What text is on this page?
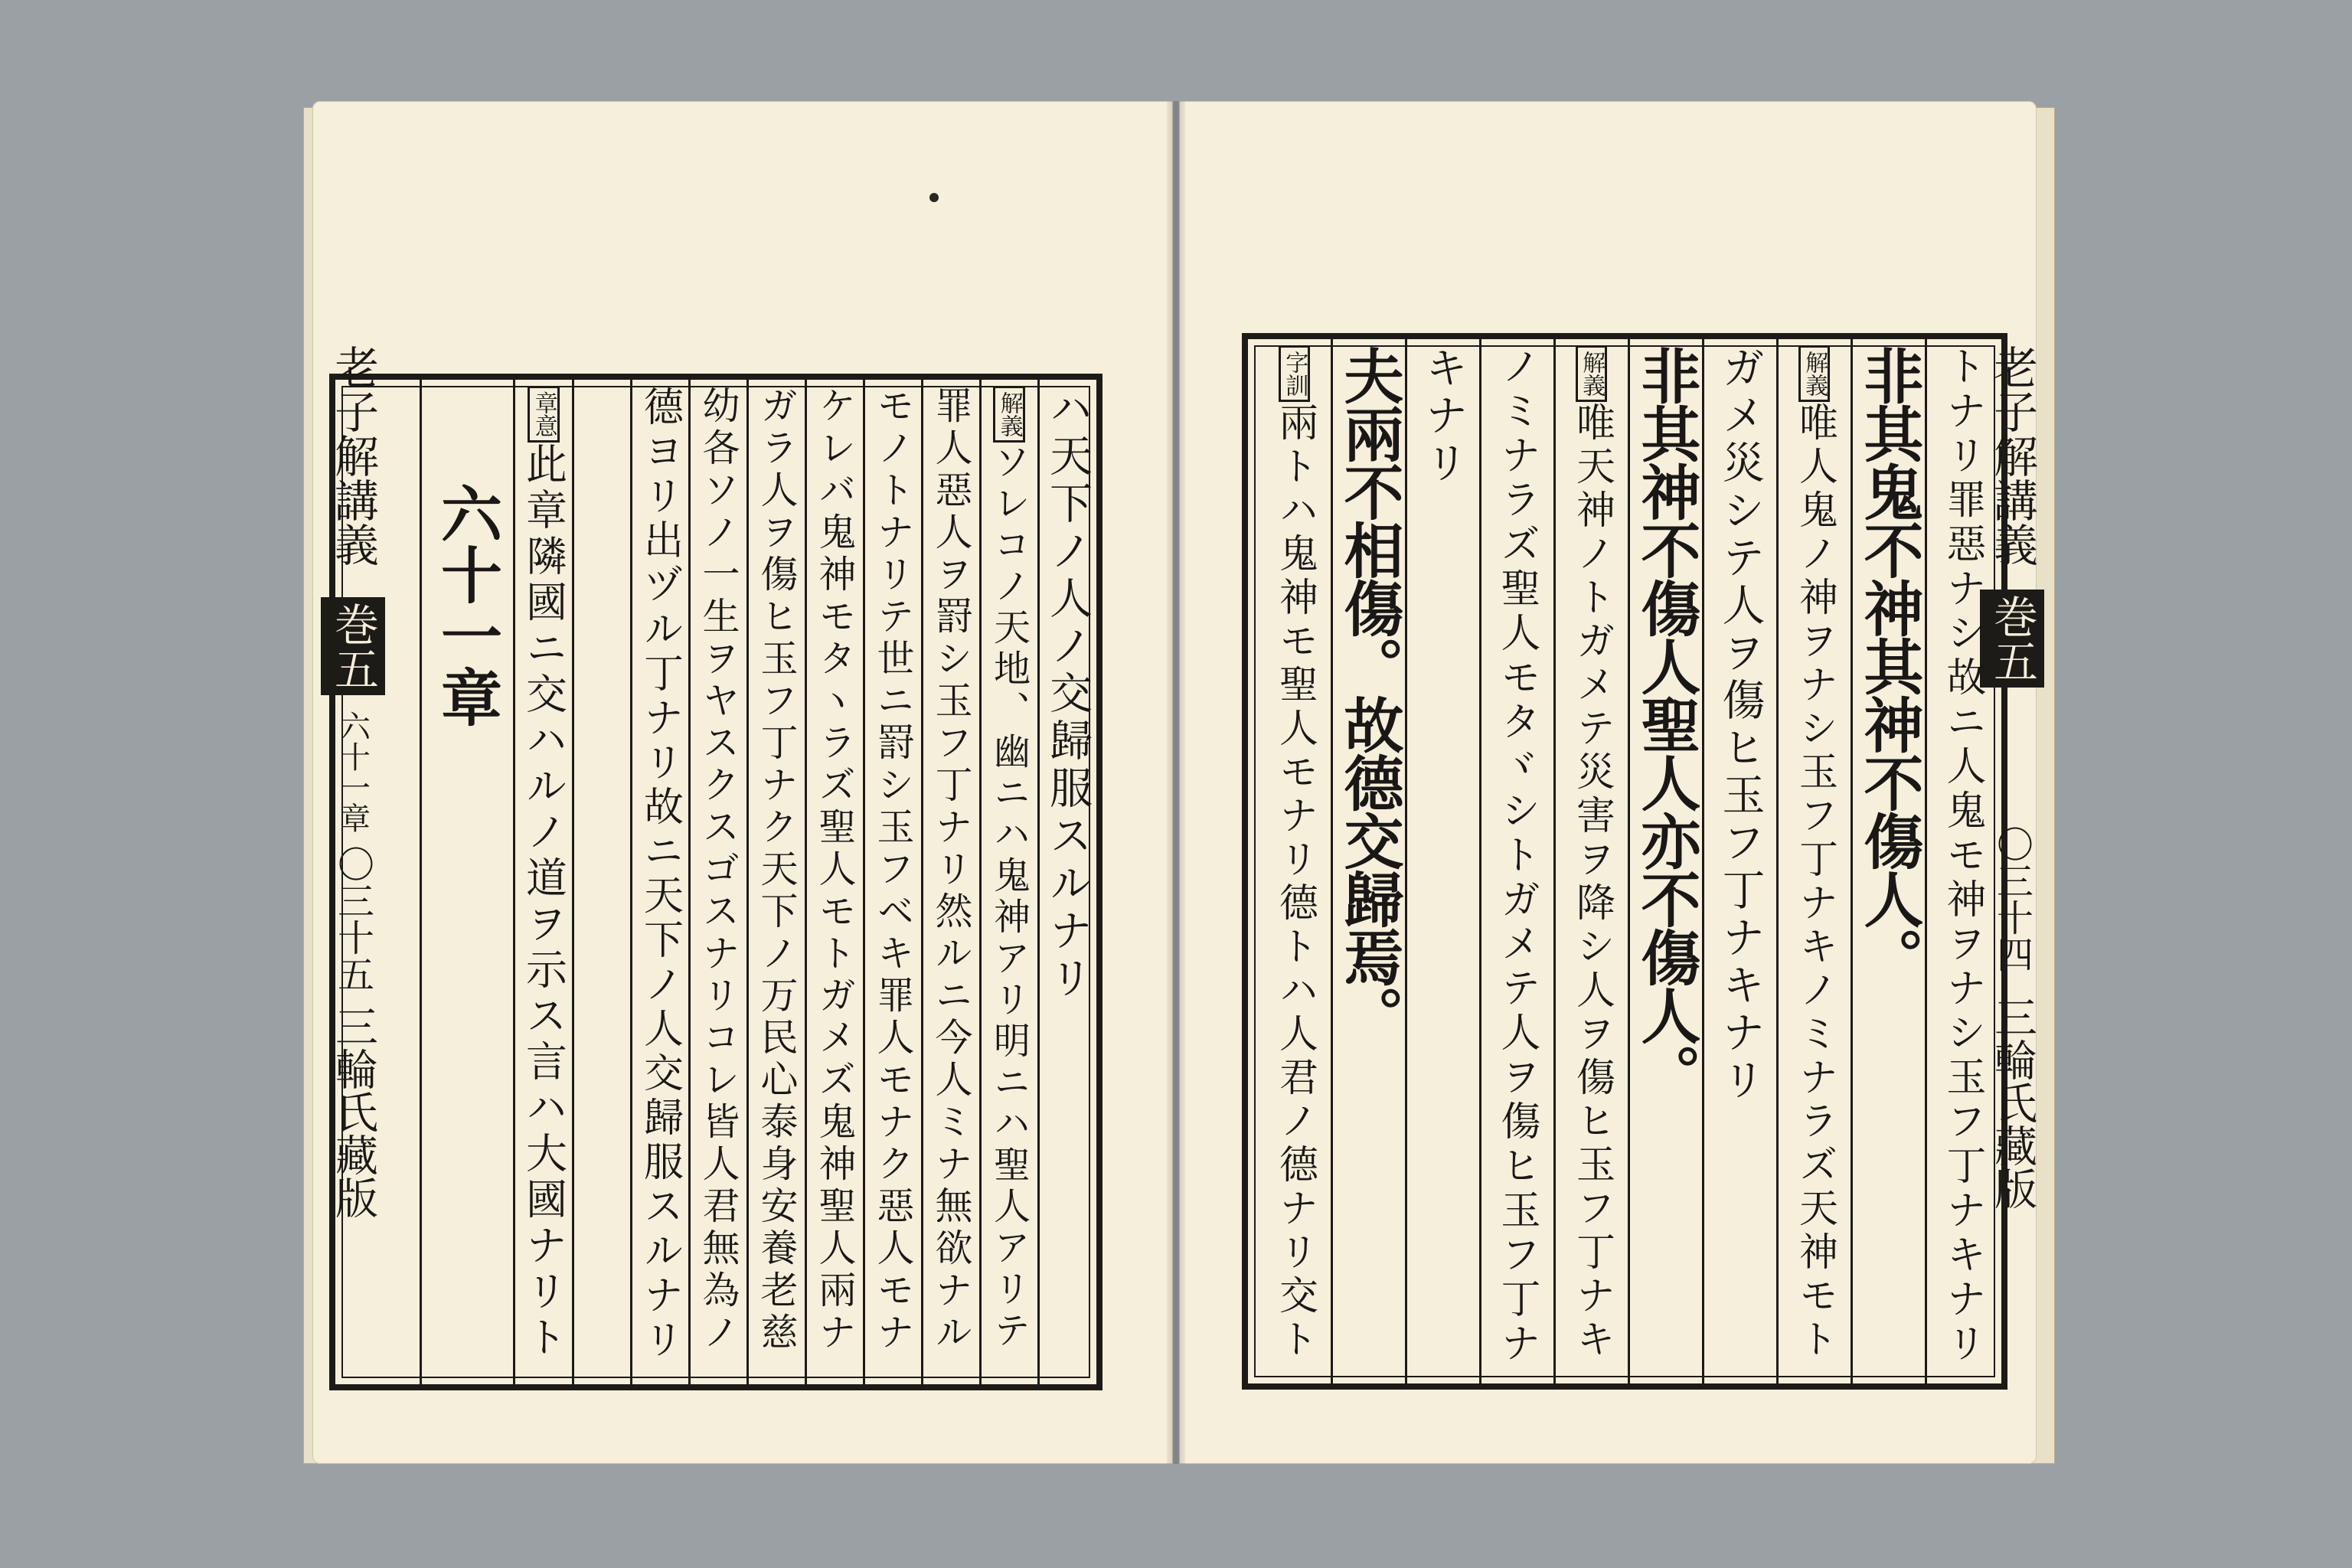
老子解講義
巻五
六十一章
〇三十五
三輪氏藏版
ハ天下ノ人ノ交歸服スルナリ
解義
ソレコノ天地、幽ニハ鬼神アリ明ニハ聖人アリテ
罪人惡人ヲ罸シ玉フ丁ナリ然ルニ今人ミナ無欲ナル
モノトナリテ世ニ罸シ玉フベキ罪人モナク惡人モナ
ケレバ鬼神モタヽラズ聖人モトガメズ鬼神聖人兩ナ
ガラ人ヲ傷ヒ玉フ丁ナク天下ノ万民心泰身安養老慈
幼各ソノ一生ヲヤスクスゴスナリコレ皆人君無為ノ
德ヨリ出ヅル丁ナリ故ニ天下ノ人交歸服スルナリ
章意
此章隣國ニ交ハルノ道ヲ示ス言ハ大國ナリト
六十一章
老子解講義
巻五
〇三十四
三輪氏藏版
トナリ罪惡ナシ故ニ人鬼モ神ヲナシ玉フ丁ナキナリ
非其鬼不神其神不傷人。
解義
唯人鬼ノ神ヲナシ玉フ丁ナキノミナラズ天神モト
ガメ災シテ人ヲ傷ヒ玉フ丁ナキナリ
非其神不傷人聖人亦不傷人。
解義
唯天神ノトガメテ災害ヲ降シ人ヲ傷ヒ玉フ丁ナキ
ノミナラズ聖人モタヾシトガメテ人ヲ傷ヒ玉フ丁ナ
キナリ
夫兩不相傷。故德交歸焉。
字訓
兩トハ鬼神モ聖人モナリ德トハ人君ノ德ナリ交ト
